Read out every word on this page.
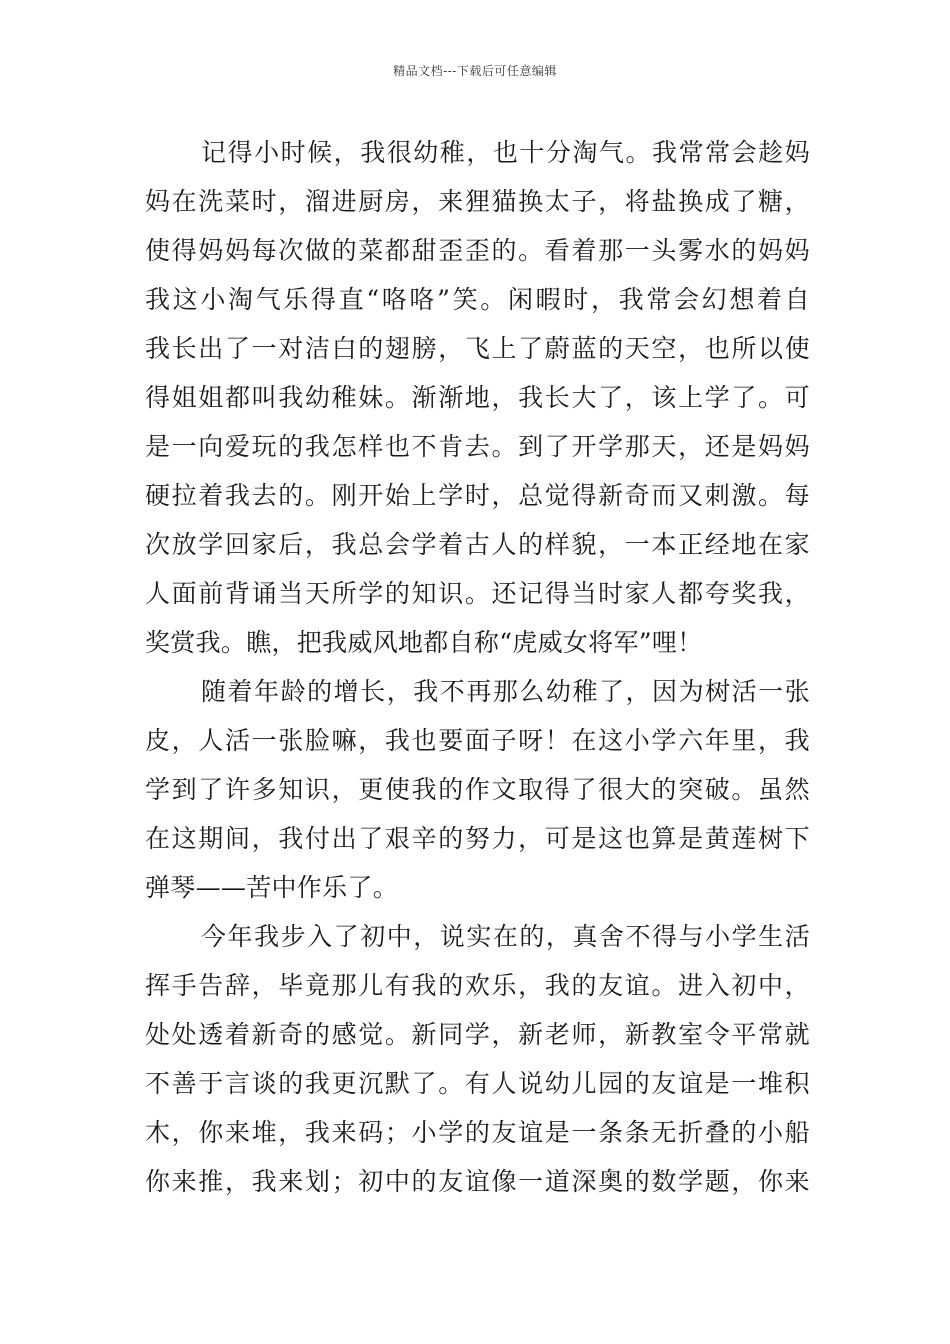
精品文档---下载后可任意编辑
记得小时候，我很幼稚，也十分淘气。我常常会趁妈
妈在洗菜时，溜进厨房，来狸猫换太子，将盐换成了糖，
使得妈妈每次做的菜都甜歪歪的。看着那一头雾水的妈妈
我这小淘气乐得直“咯咯”笑。闲暇时，我常会幻想着自
我长出了一对洁白的翅膀，飞上了蔚蓝的天空，也所以使
得姐姐都叫我幼稚妹。渐渐地，我长大了，该上学了。可
是一向爱玩的我怎样也不肯去。到了开学那天，还是妈妈
硬拉着我去的。刚开始上学时，总觉得新奇而又刺激。每
次放学回家后，我总会学着古人的样貌，一本正经地在家
人面前背诵当天所学的知识。还记得当时家人都夸奖我，
奖赏我。瞧，把我威风地都自称“虎威女将军”哩！
随着年龄的增长，我不再那么幼稚了，因为树活一张
皮，人活一张脸嘛，我也要面子呀！在这小学六年里，我
学到了许多知识，更使我的作文取得了很大的突破。虽然
在这期间，我付出了艰辛的努力，可是这也算是黄莲树下
弹琴——苦中作乐了。
今年我步入了初中，说实在的，真舍不得与小学生活
挥手告辞，毕竟那儿有我的欢乐，我的友谊。进入初中，
处处透着新奇的感觉。新同学，新老师，新教室令平常就
不善于言谈的我更沉默了。有人说幼儿园的友谊是一堆积
木，你来堆，我来码；小学的友谊是一条条无折叠的小船
你来推，我来划；初中的友谊像一道深奥的数学题，你来
